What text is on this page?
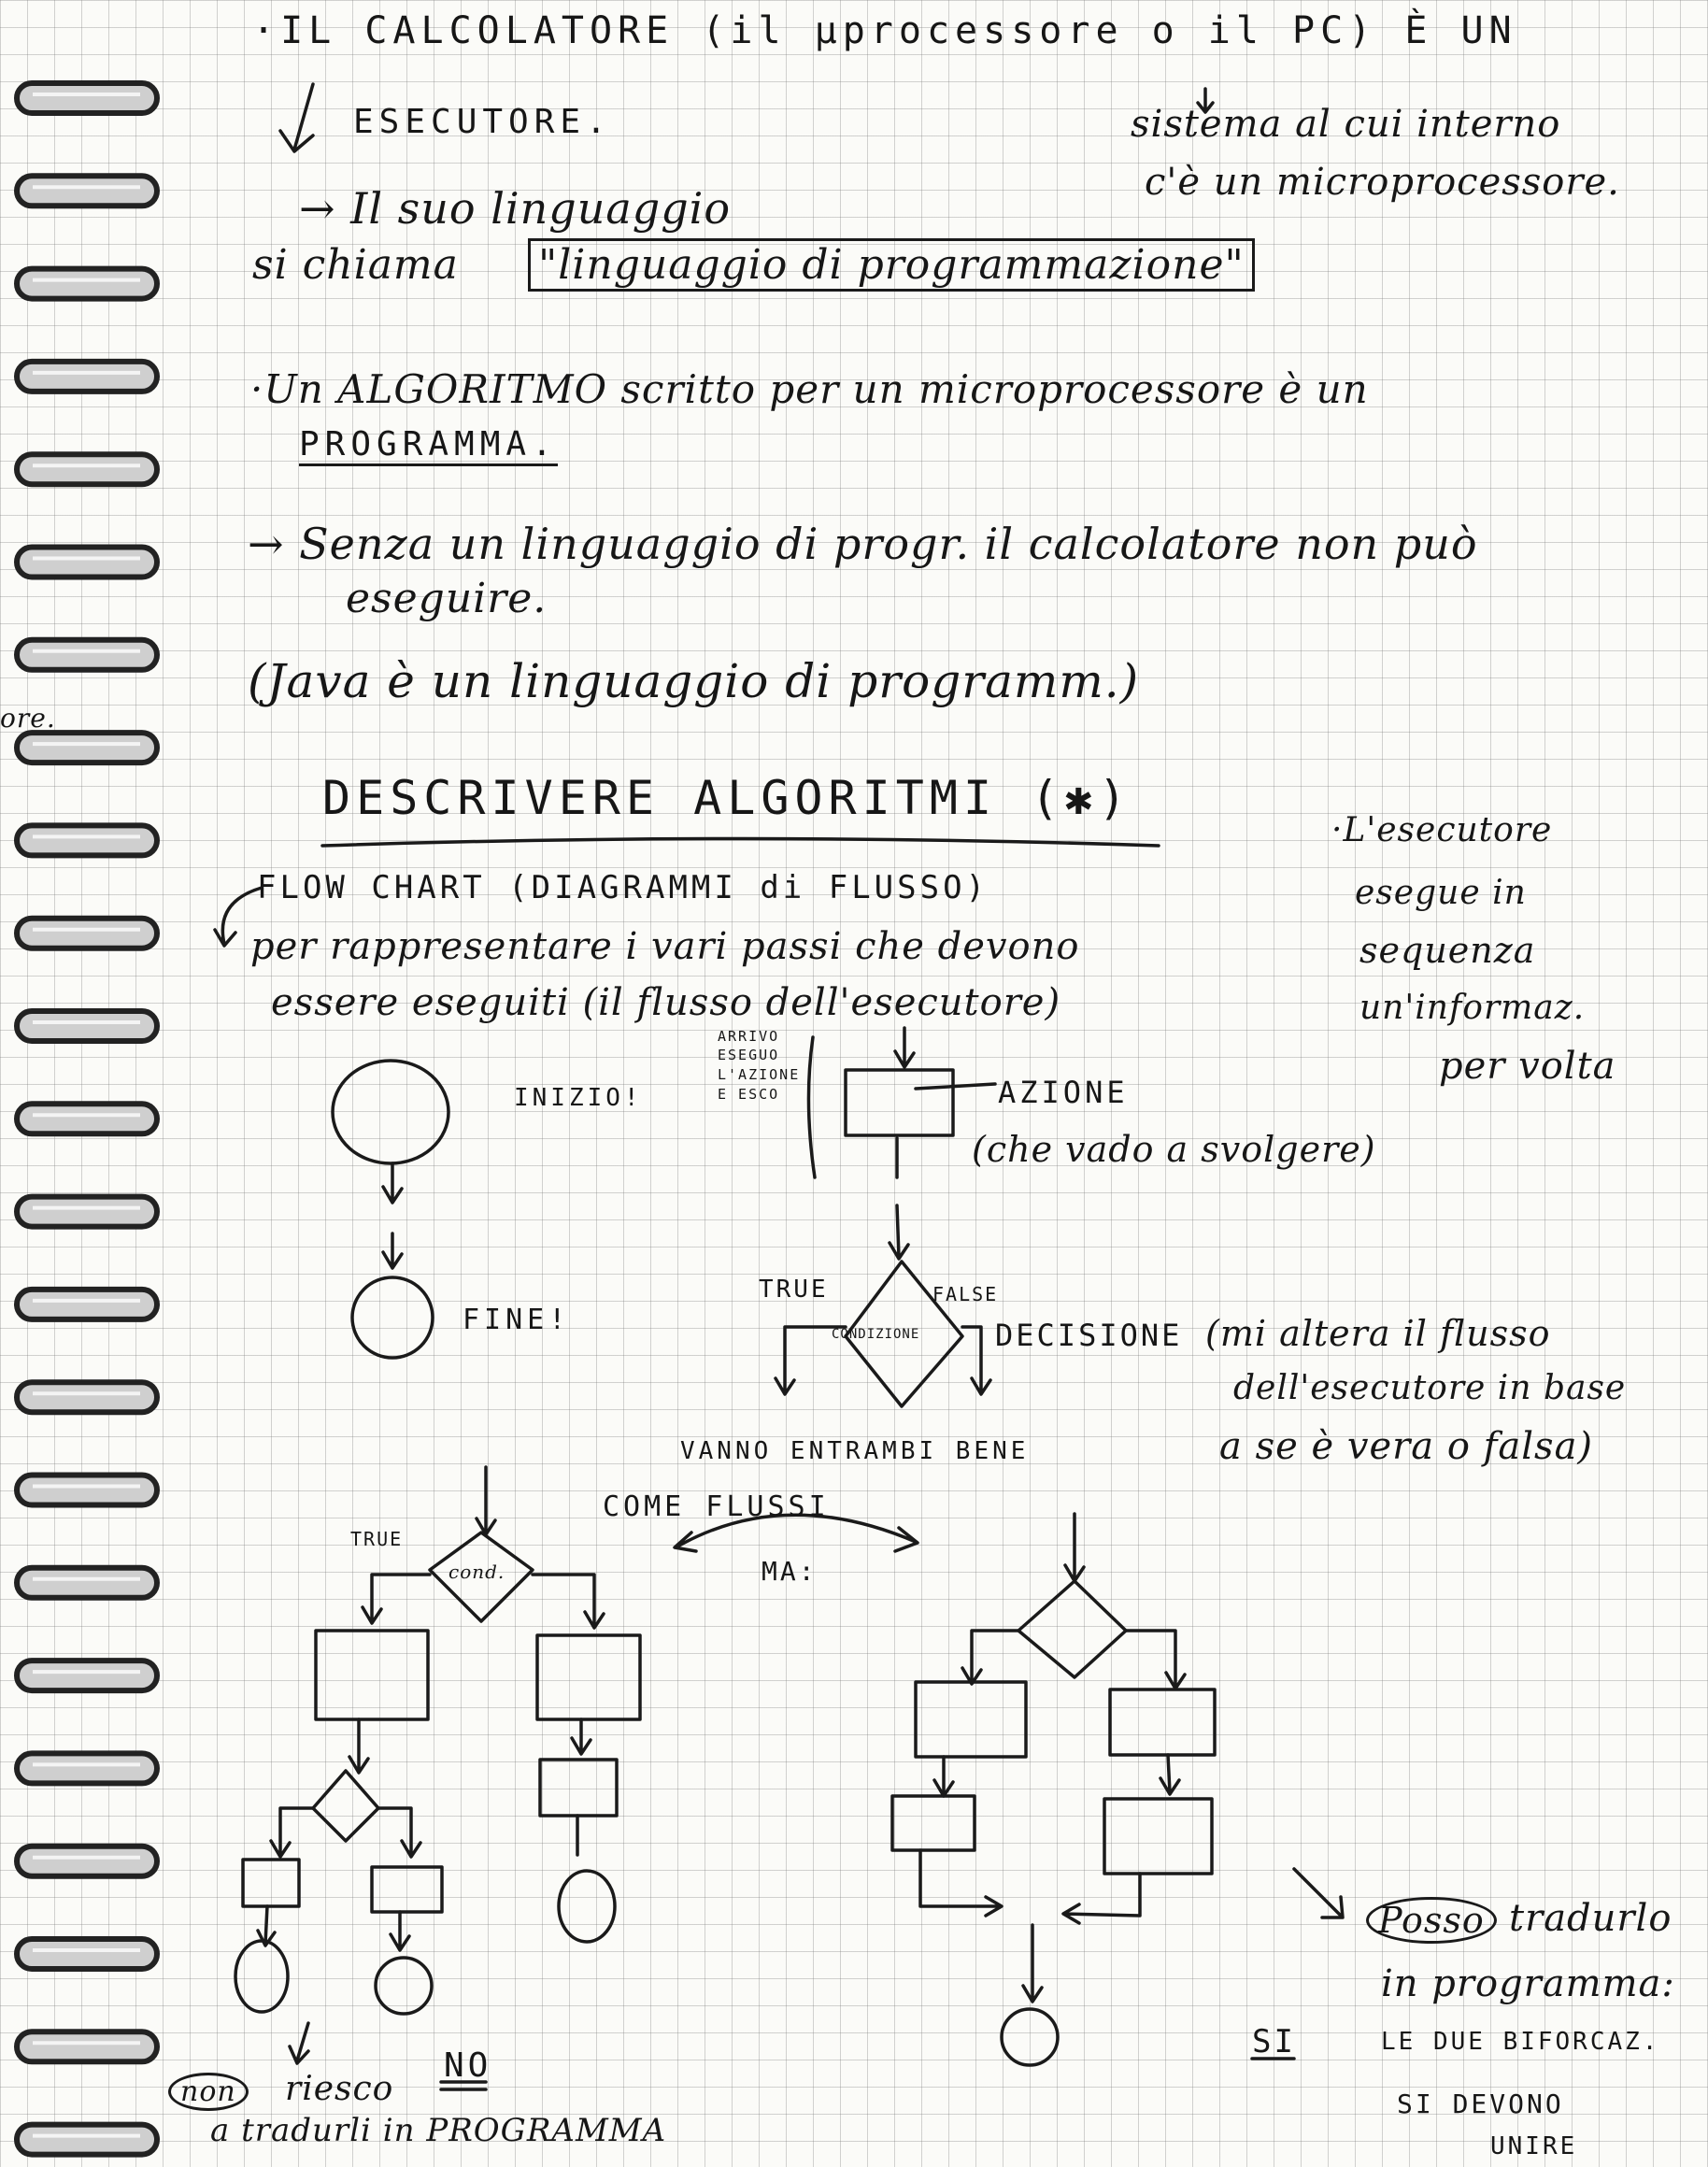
·IL CALCOLATORE (il μprocessore o il PC) È UN
ESECUTORE.	sistema al cui interno
c'è un microprocessore.
→ Il suo linguaggio
si chiama "linguaggio di programmazione"
·Un ALGORITMO scritto per un microprocessore è un
PROGRAMMA.
→ Senza un linguaggio di progr. il calcolatore non può
eseguire.
(Java è un linguaggio di programm.)
ore.
DESCRIVERE ALGORITMI (✱)
·L'esecutore
esegue in
sequenza
un'informaz.
per volta
FLOW CHART (DIAGRAMMI di FLUSSO)
per rappresentare i vari passi che devono
essere eseguiti (il flusso dell'esecutore)
INIZIO!
ARRIVO
ESEGUO
L'AZIONE
E ESCO	AZIONE
(che vado a svolgere)
FINE!
TRUE	FALSE
CONDIZIONE	DECISIONE (mi altera il flusso
dell'esecutore in base
a se è vera o falsa)
VANNO ENTRAMBI BENE
COME FLUSSI
MA:
TRUE
cond.
non	riesco
NO
a tradurli in PROGRAMMA
Posso tradurlo
in programma:
SI	LE DUE BIFORCAZ.
SI DEVONO
UNIRE
